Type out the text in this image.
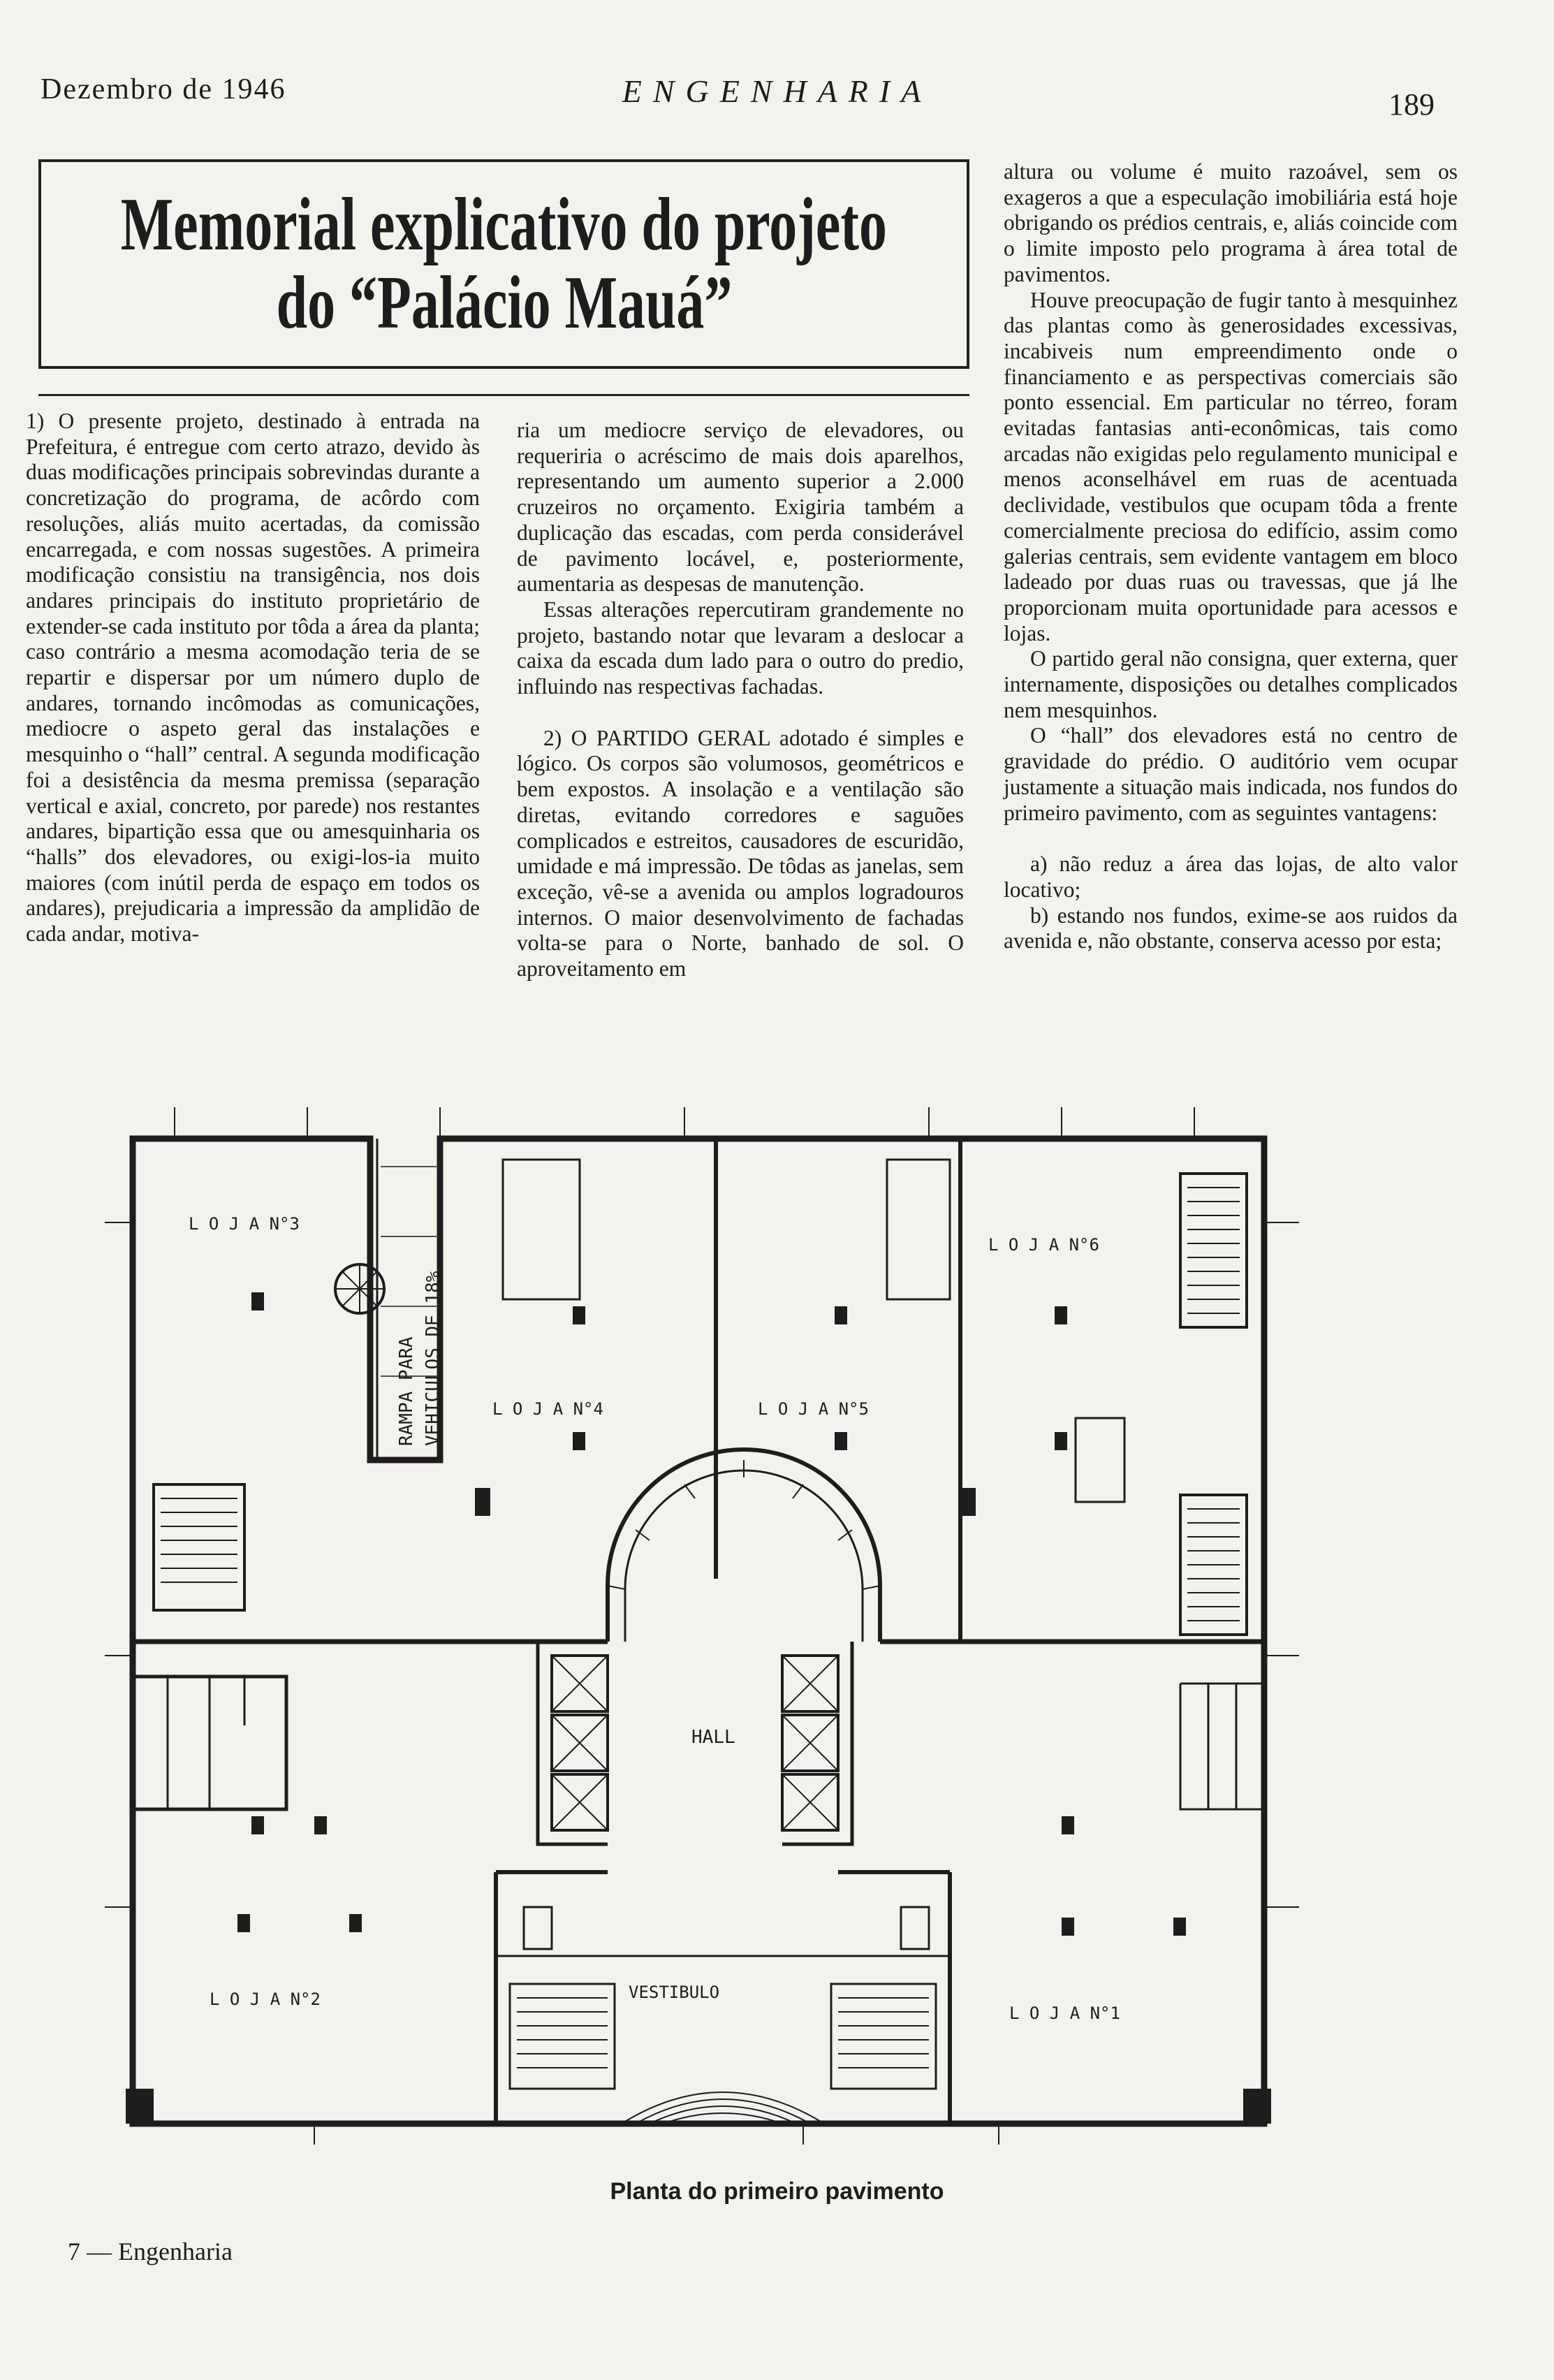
Dezembro de 1946	ENGENHARIA	189
Memorial explicativo do projeto
do “Palácio Mauá”

1) O presente projeto, destinado à entrada na Prefeitura, é entregue com certo atrazo, devido às duas modificações principais sobrevindas durante a concretização do programa, de acôrdo com resoluções, aliás muito acertadas, da comissão encarregada, e com nossas sugestões. A primeira modificação consistiu na transigência, nos dois andares principais do instituto proprietário de extender-se cada instituto por tôda a área da planta; caso contrário a mesma acomodação teria de se repartir e dispersar por um número duplo de andares, tornando incômodas as comunicações, mediocre o aspeto geral das instalações e mesquinho o “hall” central. A segunda modificação foi a desistência da mesma premissa (separação vertical e axial, concreto, por parede) nos restantes andares, bipartição essa que ou amesquinharia os “halls” dos elevadores, ou exigi-los-ia muito maiores (com inútil perda de espaço em todos os andares), prejudicaria a impressão da amplidão de cada andar, motiva-

ria um mediocre serviço de elevadores, ou requeriria o acréscimo de mais dois aparelhos, representando um aumento superior a 2.000 cruzeiros no orçamento. Exigiria também a duplicação das escadas, com perda considerável de pavimento locável, e, posteriormente, aumentaria as despesas de manutenção.

Essas alterações repercutiram grandemente no projeto, bastando notar que levaram a deslocar a caixa da escada dum lado para o outro do predio, influindo nas respectivas fachadas.

2) O PARTIDO GERAL adotado é simples e lógico. Os corpos são volumosos, geométricos e bem expostos. A insolação e a ventilação são diretas, evitando corredores e saguões complicados e estreitos, causadores de escuridão, umidade e má impressão. De tôdas as janelas, sem exceção, vê-se a avenida ou amplos logradouros internos. O maior desenvolvimento de fachadas volta-se para o Norte, banhado de sol. O aproveitamento em

altura ou volume é muito razoável, sem os exageros a que a especulação imobiliária está hoje obrigando os prédios centrais, e, aliás coincide com o limite imposto pelo programa à área total de pavimentos.

Houve preocupação de fugir tanto à mesquinhez das plantas como às generosidades excessivas, incabiveis num empreendimento onde o financiamento e as perspectivas comerciais são ponto essencial. Em particular no térreo, foram evitadas fantasias anti-econômicas, tais como arcadas não exigidas pelo regulamento municipal e menos aconselhável em ruas de acentuada declividade, vestibulos que ocupam tôda a frente comercialmente preciosa do edifício, assim como galerias centrais, sem evidente vantagem em bloco ladeado por duas ruas ou travessas, que já lhe proporcionam muita oportunidade para acessos e lojas.

O partido geral não consigna, quer externa, quer internamente, disposições ou detalhes complicados nem mesquinhos.

O “hall” dos elevadores está no centro de gravidade do prédio. O auditório vem ocupar justamente a situação mais indicada, nos fundos do primeiro pavimento, com as seguintes vantagens:

a) não reduz a área das lojas, de alto valor locativo;

b) estando nos fundos, exime-se aos ruidos da avenida e, não obstante, conserva acesso por esta;

L O J A N°3
L O J A N°4	L O J A N°5
L O J A N°6
L O J A N°2
L O J A N°1
HALL
VESTIBULO
RAMPA PARA VEHICULOS DE 18%
Planta do primeiro pavimento
7 — Engenharia
